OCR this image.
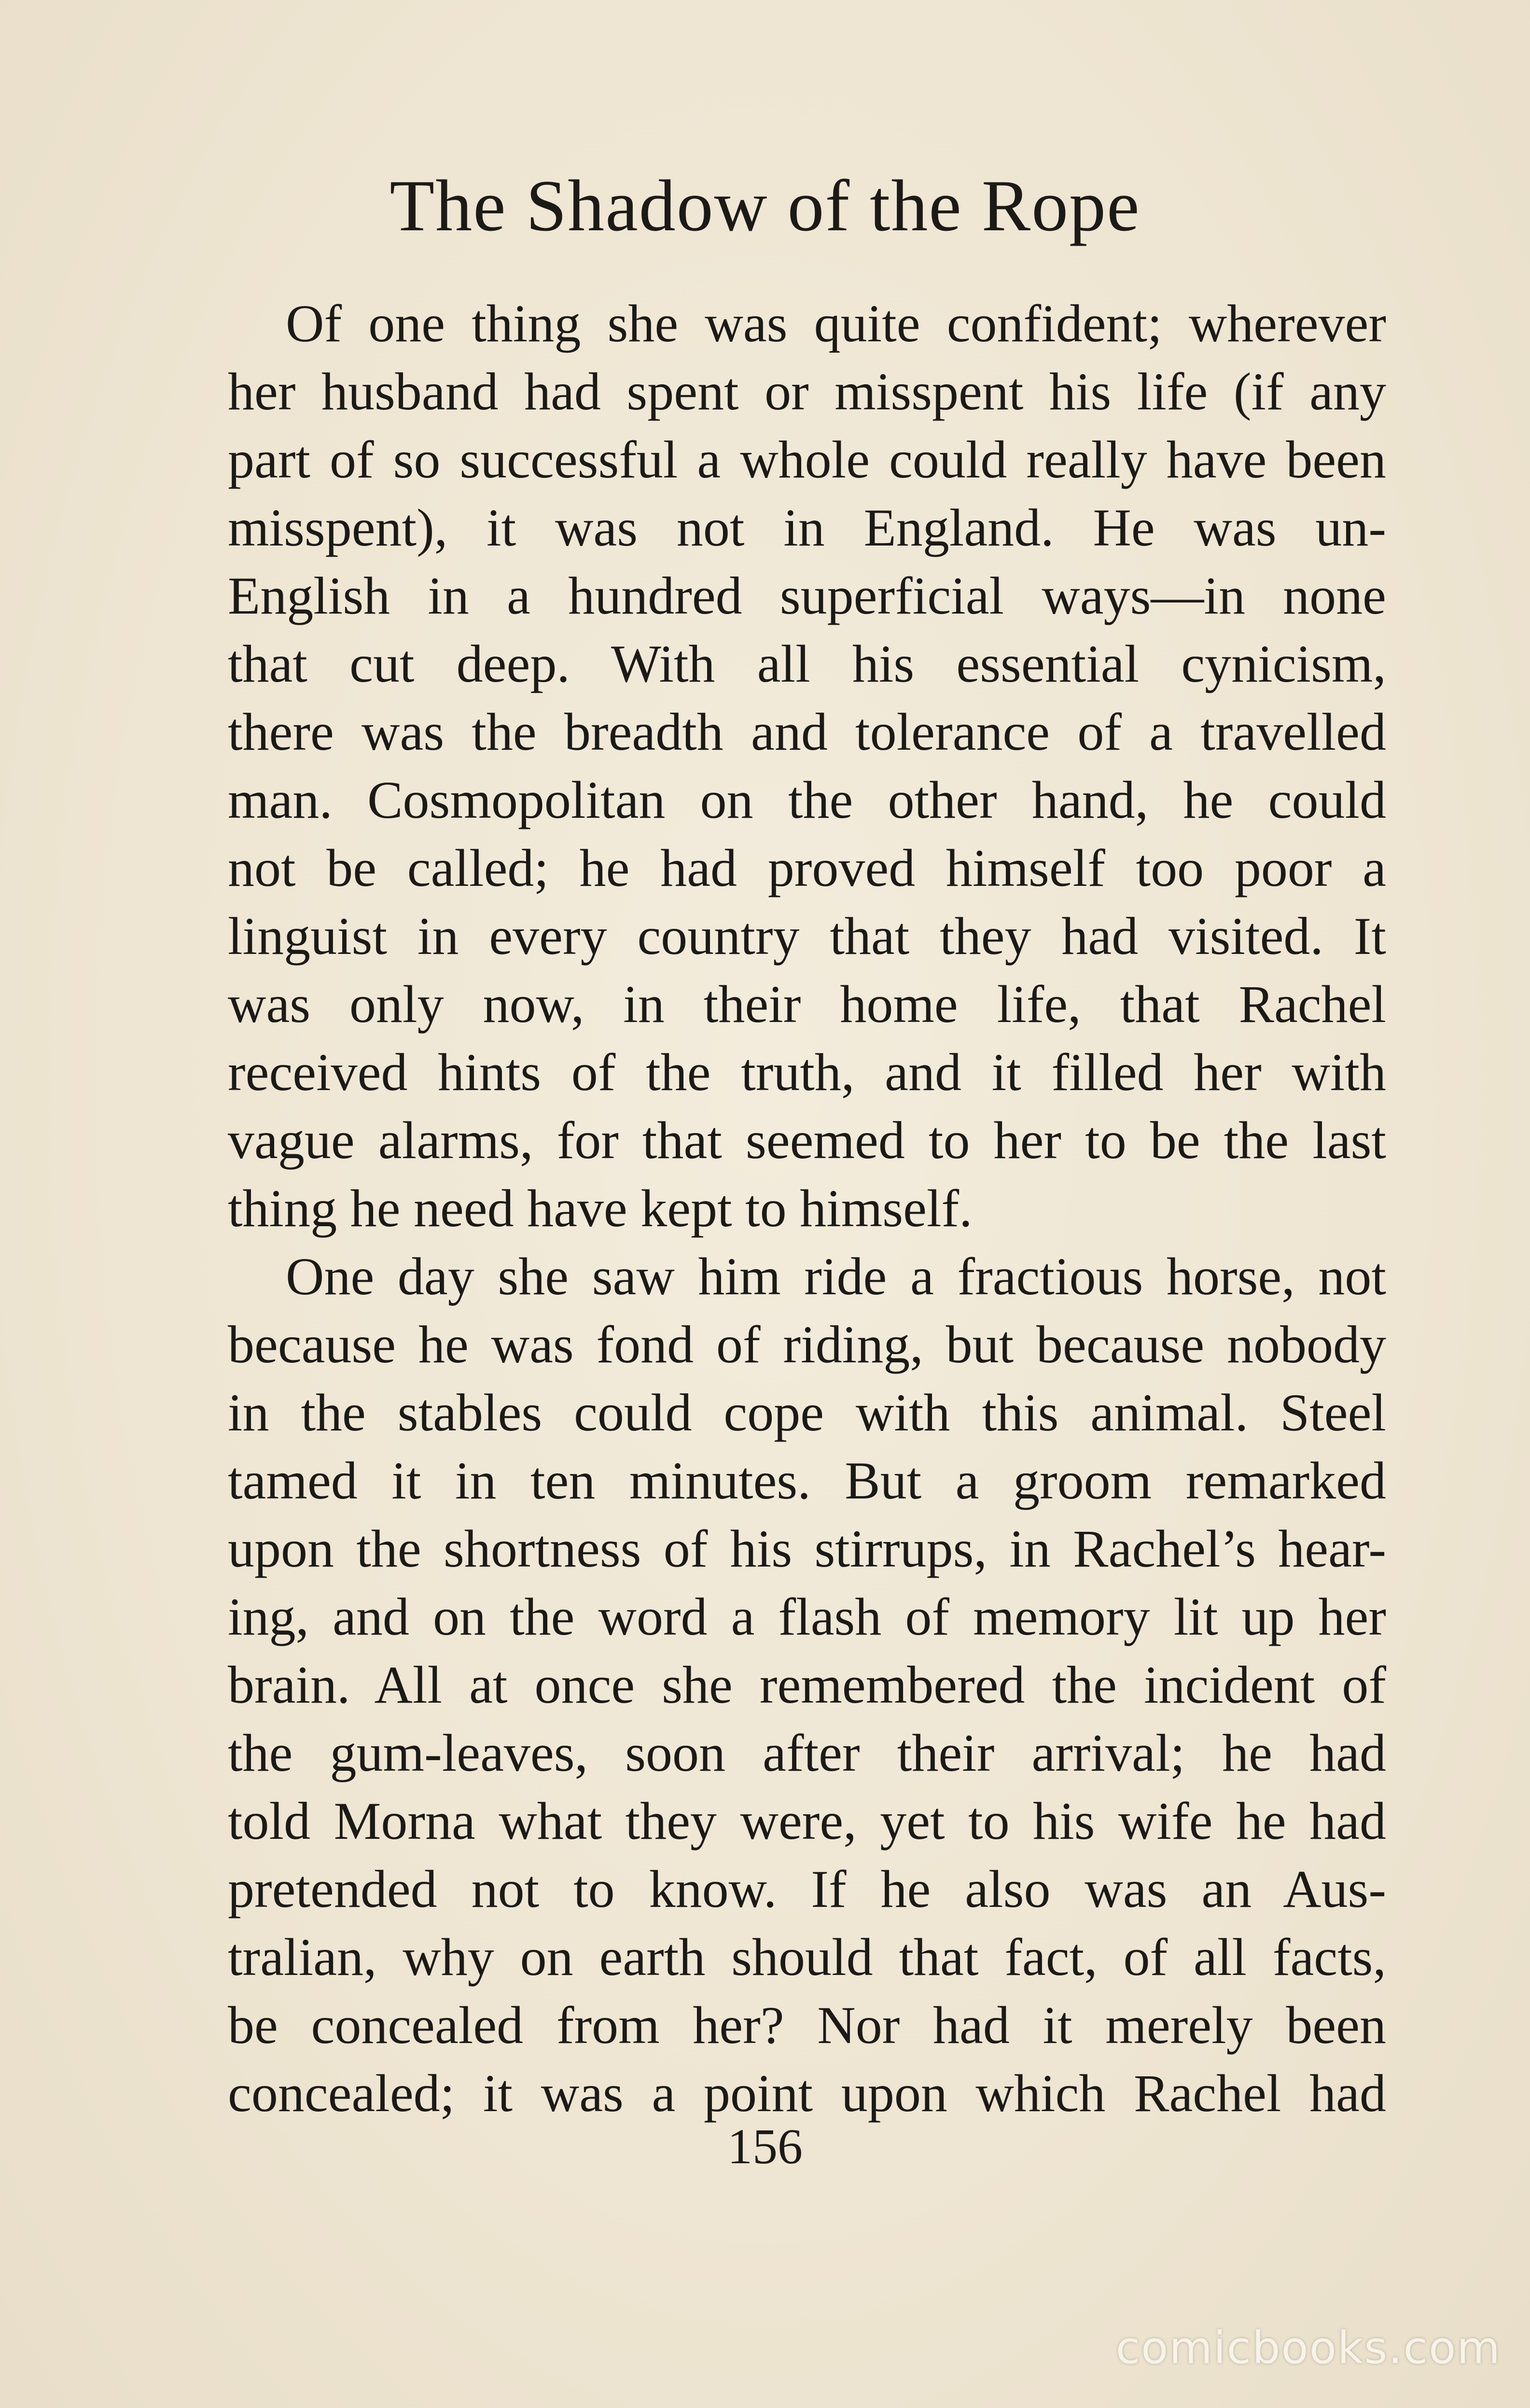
The Shadow of the Rope
Of one thing she was quite confident; wherever
her husband had spent or misspent his life (if any
part of so successful a whole could really have been
misspent), it was not in England. He was un-
English in a hundred superficial ways—in none
that cut deep. With all his essential cynicism,
there was the breadth and tolerance of a travelled
man. Cosmopolitan on the other hand, he could
not be called; he had proved himself too poor a
linguist in every country that they had visited. It
was only now, in their home life, that Rachel
received hints of the truth, and it filled her with
vague alarms, for that seemed to her to be the last
thing he need have kept to himself.
One day she saw him ride a fractious horse, not
because he was fond of riding, but because nobody
in the stables could cope with this animal. Steel
tamed it in ten minutes. But a groom remarked
upon the shortness of his stirrups, in Rachel’s hear-
ing, and on the word a flash of memory lit up her
brain. All at once she remembered the incident of
the gum-leaves, soon after their arrival; he had
told Morna what they were, yet to his wife he had
pretended not to know. If he also was an Aus-
tralian, why on earth should that fact, of all facts,
be concealed from her? Nor had it merely been
concealed; it was a point upon which Rachel had
156
comicbooks.com
